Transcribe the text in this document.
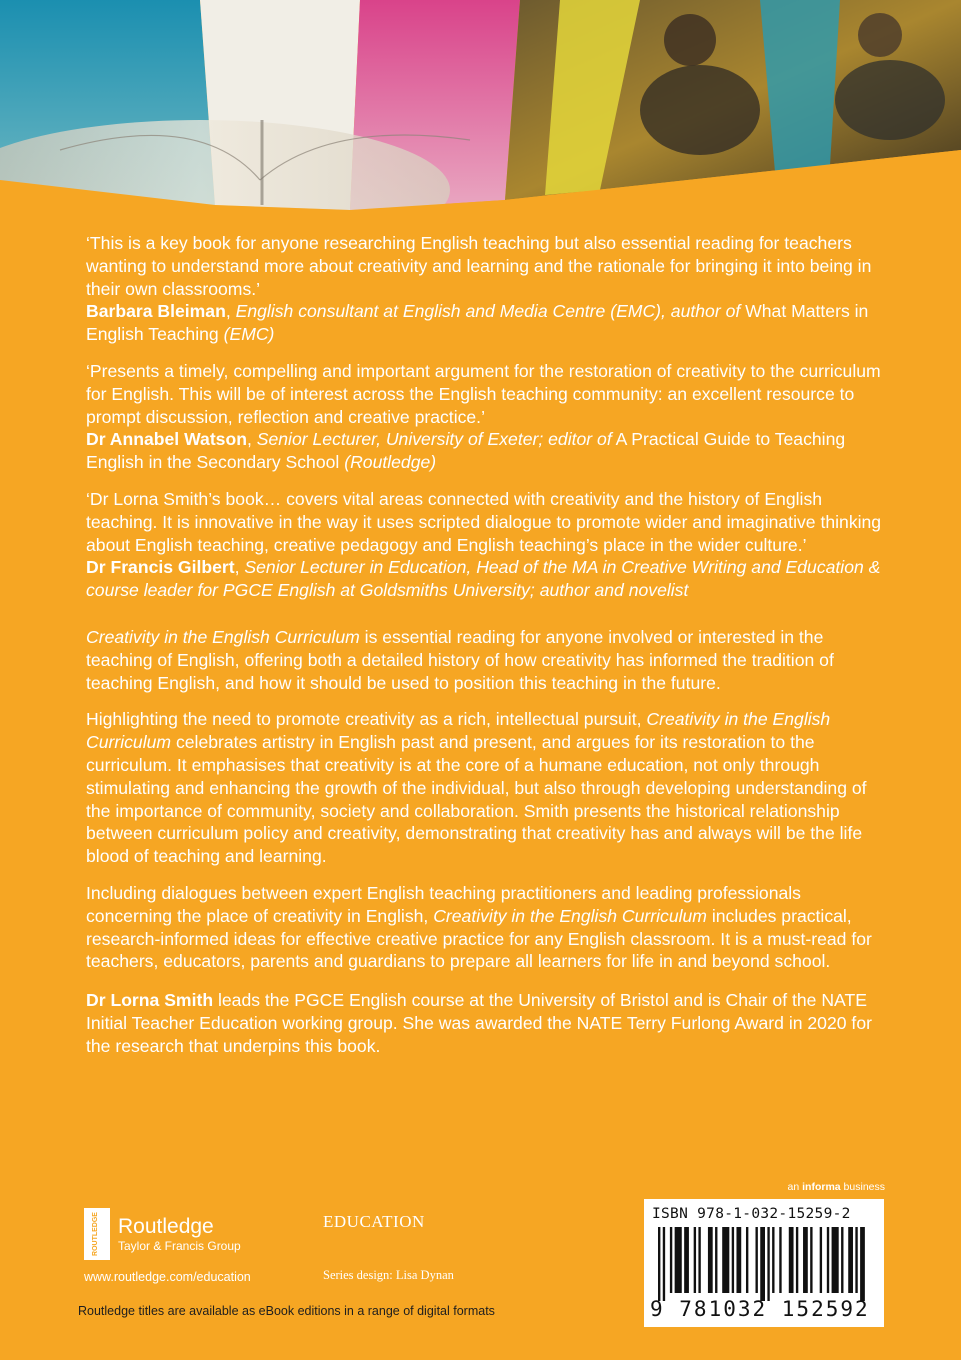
‘This is a key book for anyone researching English teaching but also essential reading for teachers wanting to understand more about creativity and learning and the rationale for bringing it into being in their own classrooms.’

Barbara Bleiman, English consultant at English and Media Centre (EMC), author of What Matters in English Teaching (EMC)

‘Presents a timely, compelling and important argument for the restoration of creativity to the curriculum for English. This will be of interest across the English teaching community: an excellent resource to prompt discussion, reflection and creative practice.’

Dr Annabel Watson, Senior Lecturer, University of Exeter; editor of A Practical Guide to Teaching English in the Secondary School (Routledge)

‘Dr Lorna Smith’s book… covers vital areas connected with creativity and the history of English teaching. It is innovative in the way it uses scripted dialogue to promote wider and imaginative thinking about English teaching, creative pedagogy and English teaching’s place in the wider culture.’

Dr Francis Gilbert, Senior Lecturer in Education, Head of the MA in Creative Writing and Education & course leader for PGCE English at Goldsmiths University; author and novelist

Creativity in the English Curriculum is essential reading for anyone involved or interested in the teaching of English, offering both a detailed history of how creativity has informed the tradition of teaching English, and how it should be used to position this teaching in the future.

Highlighting the need to promote creativity as a rich, intellectual pursuit, Creativity in the English Curriculum celebrates artistry in English past and present, and argues for its restoration to the curriculum. It emphasises that creativity is at the core of a humane education, not only through stimulating and enhancing the growth of the individual, but also through developing understanding of the importance of community, society and collaboration. Smith presents the historical relationship between curriculum policy and creativity, demonstrating that creativity has and always will be the life blood of teaching and learning.

Including dialogues between expert English teaching practitioners and leading professionals concerning the place of creativity in English, Creativity in the English Curriculum includes practical, research-informed ideas for effective creative practice for any English classroom. It is a must-read for teachers, educators, parents and guardians to prepare all learners for life in and beyond school.

Dr Lorna Smith leads the PGCE English course at the University of Bristol and is Chair of the NATE Initial Teacher Education working group. She was awarded the NATE Terry Furlong Award in 2020 for the research that underpins this book.

an informa business
ROUTLEDGE Routledge
Taylor & Francis Group
www.routledge.com/education
EDUCATION
Series design: Lisa Dynan
Routledge titles are available as eBook editions in a range of digital formats
ISBN 978-1-032-15259-2
9 781032 152592
